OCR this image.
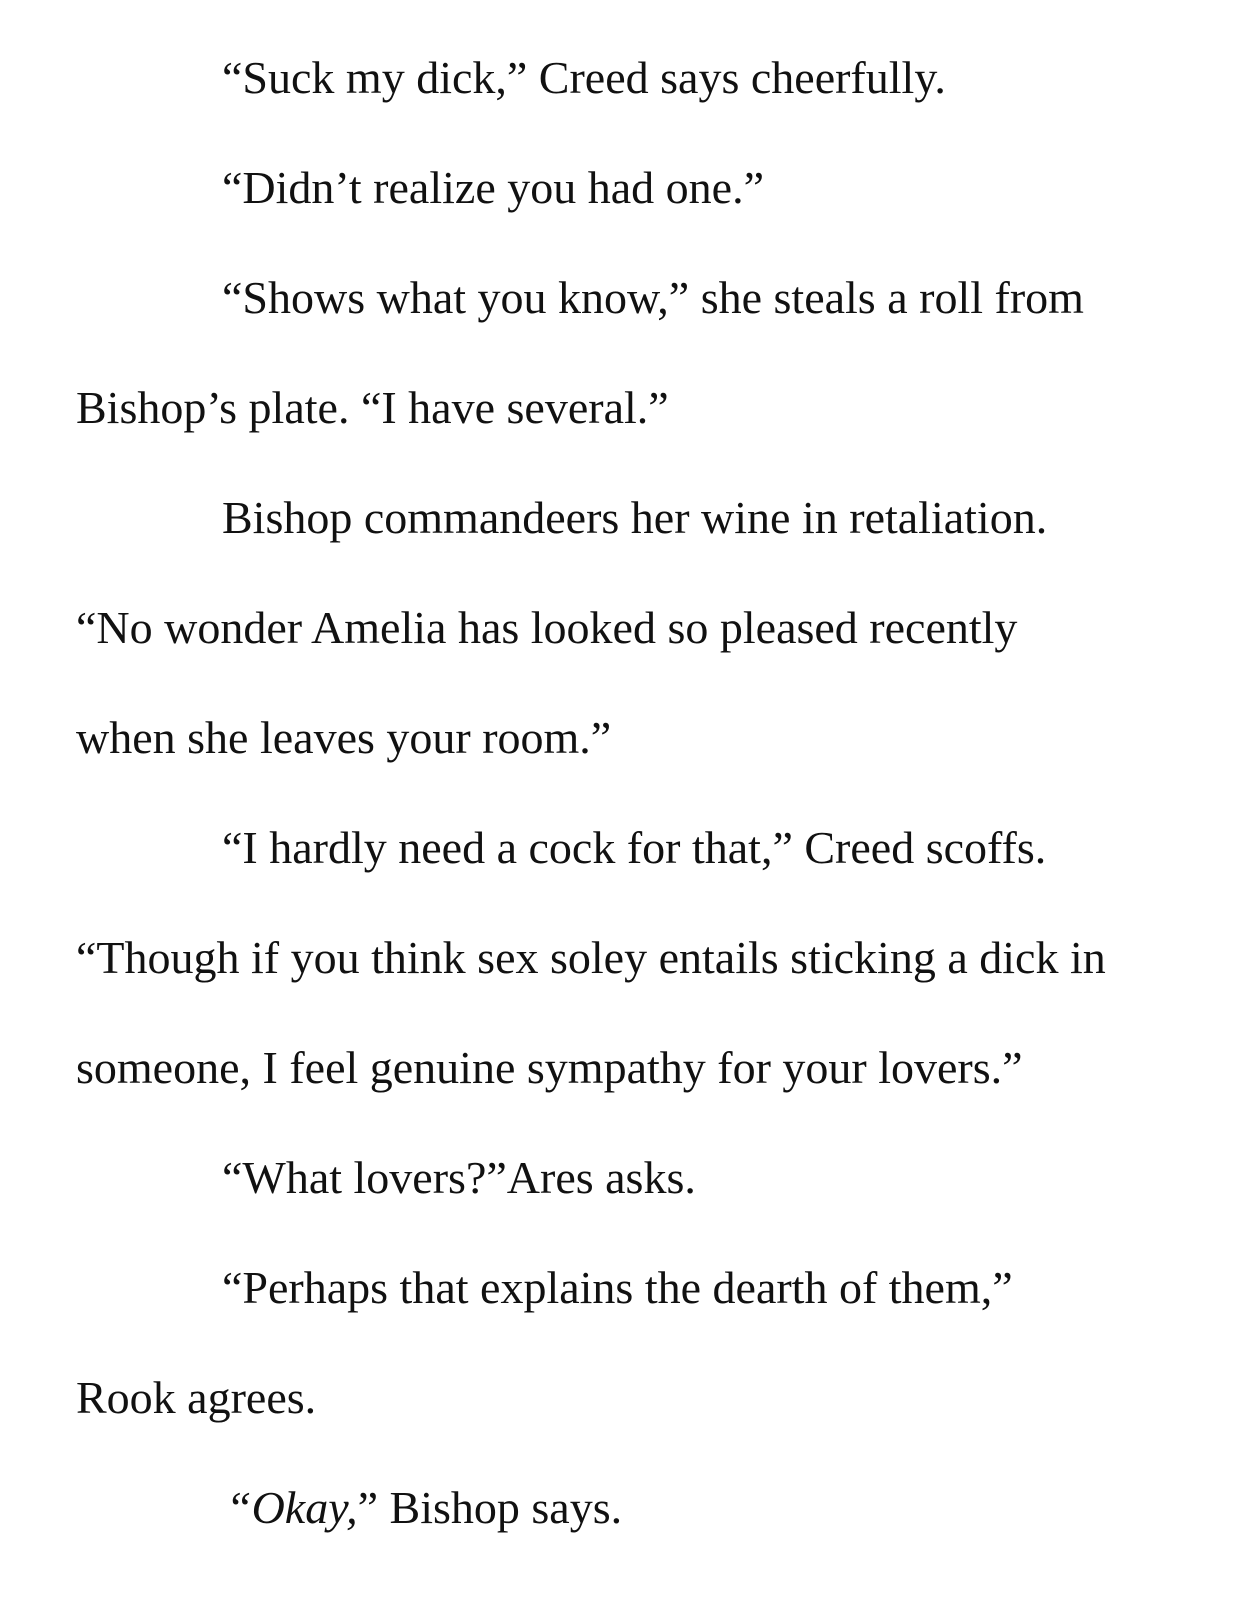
“Suck my dick,” Creed says cheerfully.

“Didn’t realize you had one.”

“Shows what you know,” she steals a roll from

Bishop’s plate. “I have several.”

Bishop commandeers her wine in retaliation.

“No wonder Amelia has looked so pleased recently

when she leaves your room.”

“I hardly need a cock for that,” Creed scoffs.

“Though if you think sex soley entails sticking a dick in

someone, I feel genuine sympathy for your lovers.”

“What lovers?”Ares asks.

“Perhaps that explains the dearth of them,”

Rook agrees.

“Okay,” Bishop says.
